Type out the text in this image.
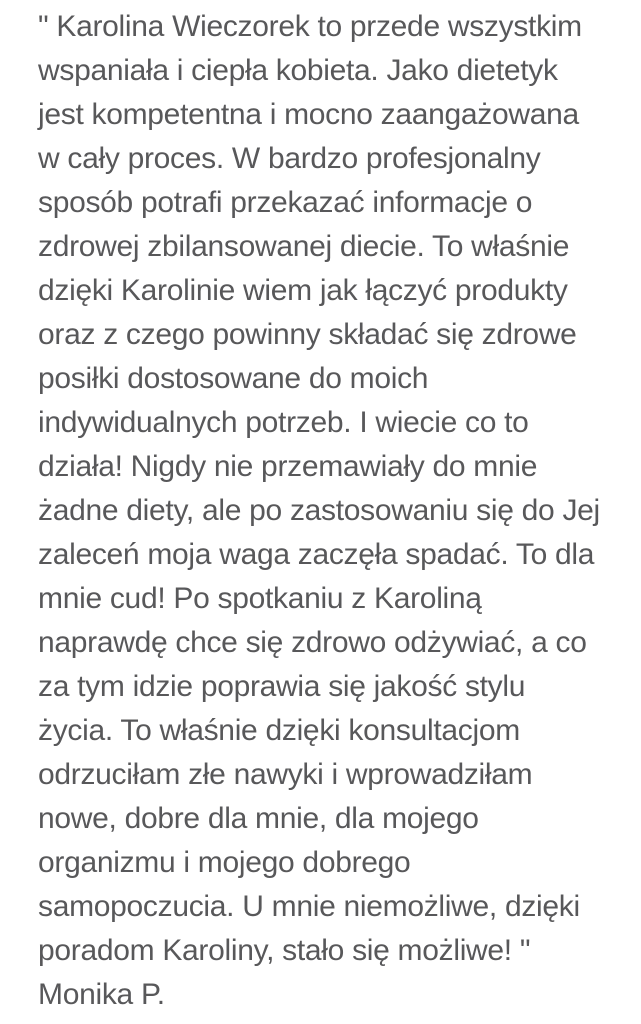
" Karolina Wieczorek to przede wszystkim wspaniała i ciepła kobieta. Jako dietetyk jest kompetentna i mocno zaangażowana w cały proces. W bardzo profesjonalny sposób potrafi przekazać informacje o zdrowej zbilansowanej diecie. To właśnie dzięki Karolinie wiem jak łączyć produkty oraz z czego powinny składać się zdrowe posiłki dostosowane do moich indywidualnych potrzeb. I wiecie co to działa! Nigdy nie przemawiały do mnie żadne diety, ale po zastosowaniu się do Jej zaleceń moja waga zaczęła spadać. To dla mnie cud! Po spotkaniu z Karoliną naprawdę chce się zdrowo odżywiać, a co za tym idzie poprawia się jakość stylu życia. To właśnie dzięki konsultacjom odrzuciłam złe nawyki i wprowadziłam nowe, dobre dla mnie, dla mojego organizmu i mojego dobrego samopoczucia. U mnie niemożliwe, dzięki poradom Karoliny, stało się możliwe! "

Monika P.
